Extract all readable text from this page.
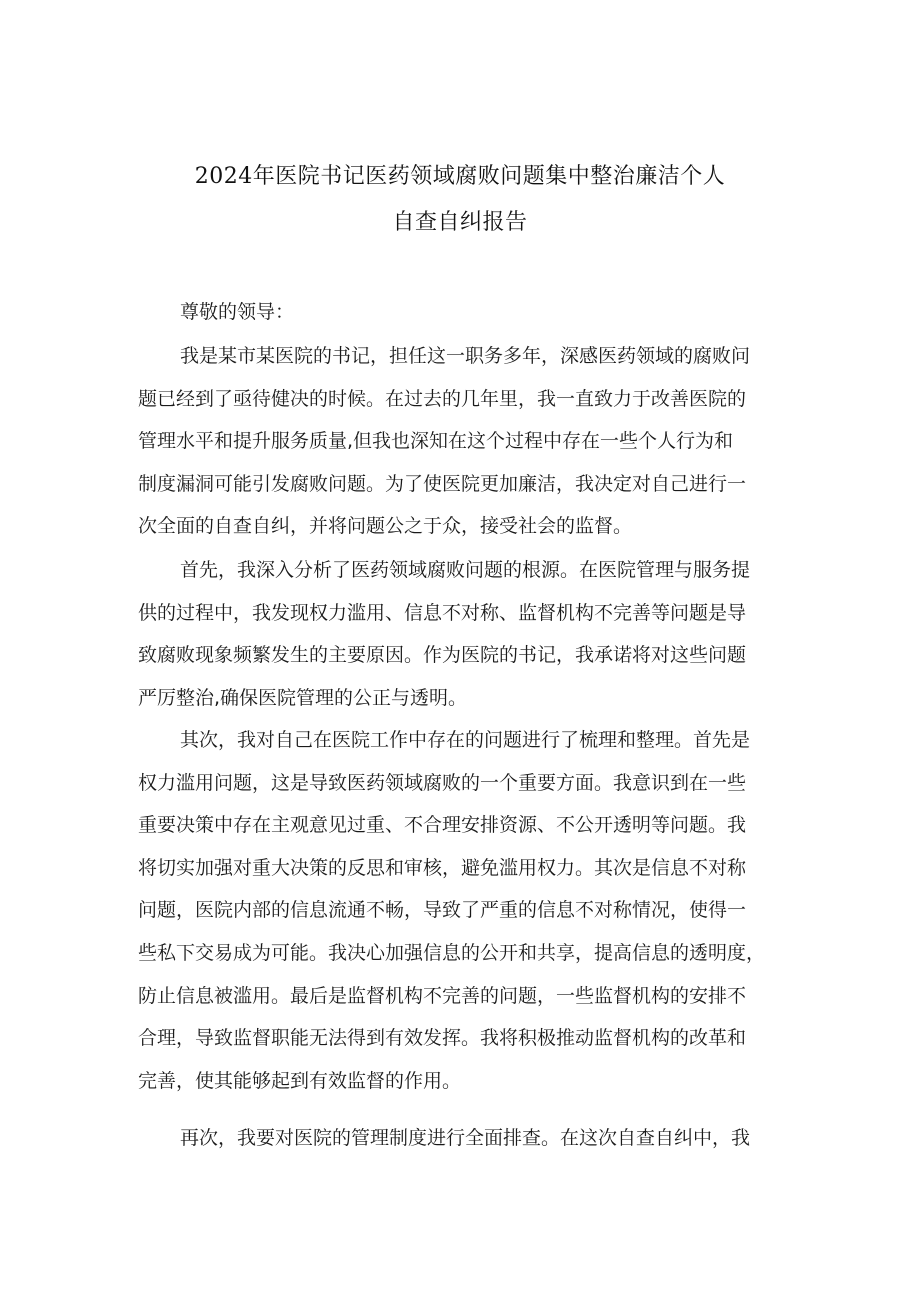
2024年医院书记医药领域腐败问题集中整治廉洁个人
自查自纠报告
尊敬的领导：
我是某市某医院的书记，担任这一职务多年，深感医药领域的腐败问
题已经到了亟待健决的时候。在过去的几年里，我一直致力于改善医院的
管理水平和提升服务质量,但我也深知在这个过程中存在一些个人行为和
制度漏洞可能引发腐败问题。为了使医院更加廉洁，我决定对自己进行一
次全面的自查自纠，并将问题公之于众，接受社会的监督。
首先，我深入分析了医药领域腐败问题的根源。在医院管理与服务提
供的过程中，我发现权力滥用、信息不对称、监督机构不完善等问题是导
致腐败现象频繁发生的主要原因。作为医院的书记，我承诺将对这些问题
严厉整治,确保医院管理的公正与透明。
其次，我对自己在医院工作中存在的问题进行了梳理和整理。首先是
权力滥用问题，这是导致医药领域腐败的一个重要方面。我意识到在一些
重要决策中存在主观意见过重、不合理安排资源、不公开透明等问题。我
将切实加强对重大决策的反思和审核，避免滥用权力。其次是信息不对称
问题，医院内部的信息流通不畅，导致了严重的信息不对称情况，使得一
些私下交易成为可能。我决心加强信息的公开和共享，提高信息的透明度，
防止信息被滥用。最后是监督机构不完善的问题，一些监督机构的安排不
合理，导致监督职能无法得到有效发挥。我将积极推动监督机构的改革和
完善，使其能够起到有效监督的作用。
再次，我要对医院的管理制度进行全面排查。在这次自查自纠中，我
